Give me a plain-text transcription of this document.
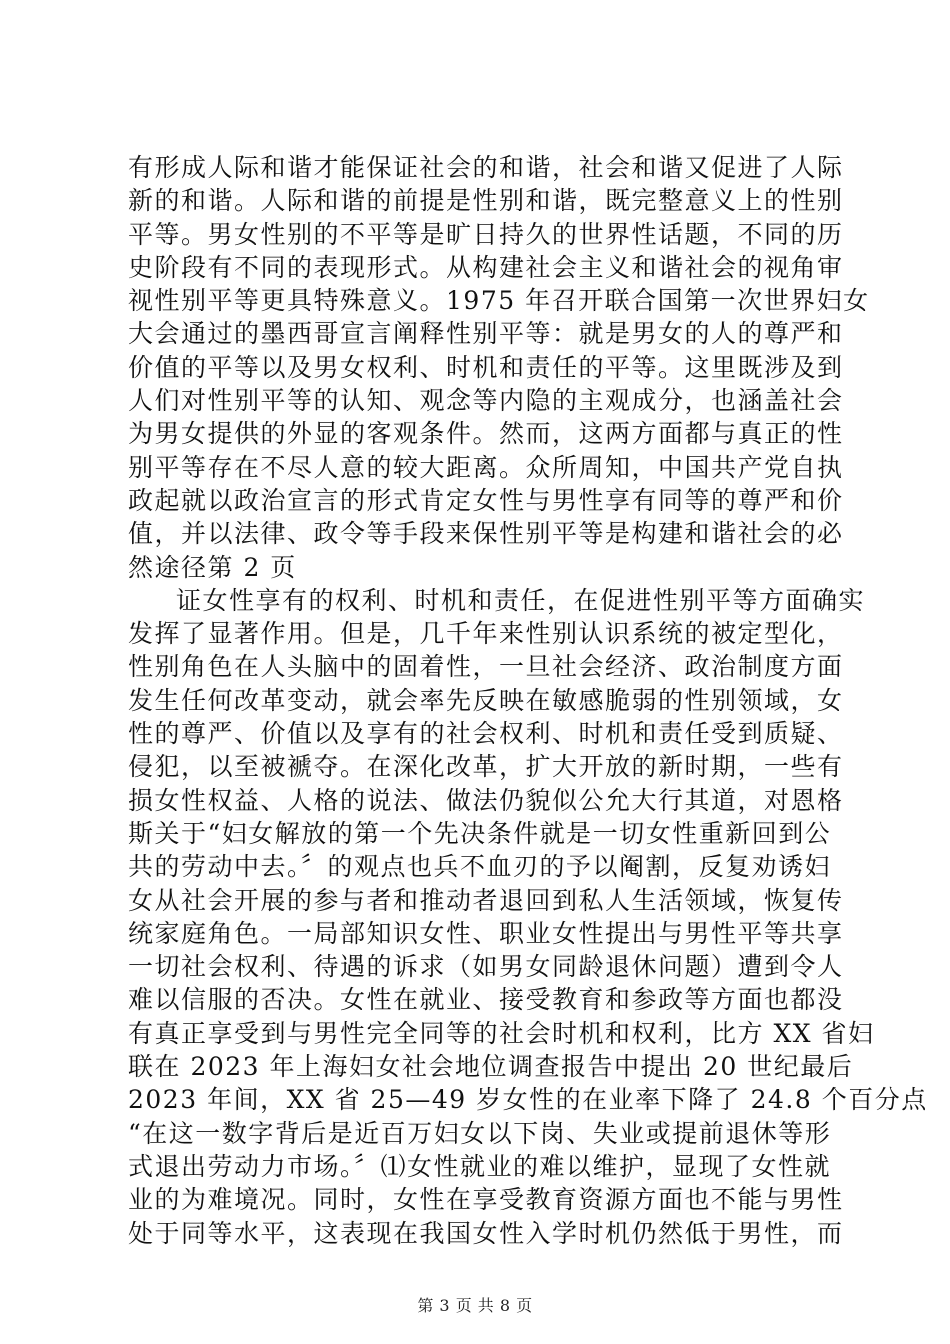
有形成人际和谐才能保证社会的和谐，社会和谐又促进了人际
新的和谐。人际和谐的前提是性别和谐，既完整意义上的性别
平等。男女性别的不平等是旷日持久的世界性话题，不同的历
史阶段有不同的表现形式。从构建社会主义和谐社会的视角审
视性别平等更具特殊意义。1975 年召开联合国第一次世界妇女
大会通过的墨西哥宣言阐释性别平等：就是男女的人的尊严和
价值的平等以及男女权利、时机和责任的平等。这里既涉及到
人们对性别平等的认知、观念等内隐的主观成分，也涵盖社会
为男女提供的外显的客观条件。然而，这两方面都与真正的性
别平等存在不尽人意的较大距离。众所周知，中国共产党自执
政起就以政治宣言的形式肯定女性与男性享有同等的尊严和价
值，并以法律、政令等手段来保性别平等是构建和谐社会的必
然途径第 2 页
证女性享有的权利、时机和责任，在促进性别平等方面确实
发挥了显著作用。但是，几千年来性别认识系统的被定型化，
性别角色在人头脑中的固着性，一旦社会经济、政治制度方面
发生任何改革变动，就会率先反映在敏感脆弱的性别领域，女
性的尊严、价值以及享有的社会权利、时机和责任受到质疑、
侵犯，以至被褫夺。在深化改革，扩大开放的新时期，一些有
损女性权益、人格的说法、做法仍貌似公允大行其道，对恩格
斯关于“妇女解放的第一个先决条件就是一切女性重新回到公
共的劳动中去。〞的观点也兵不血刃的予以阉割，反复劝诱妇
女从社会开展的参与者和推动者退回到私人生活领域，恢复传
统家庭角色。一局部知识女性、职业女性提出与男性平等共享
一切社会权利、待遇的诉求（如男女同龄退休问题）遭到令人
难以信服的否决。女性在就业、接受教育和参政等方面也都没
有真正享受到与男性完全同等的社会时机和权利，比方 XX 省妇
联在 2023 年上海妇女社会地位调查报告中提出 20 世纪最后
2023 年间，XX 省 25—49 岁女性的在业率下降了 24.8 个百分点
“在这一数字背后是近百万妇女以下岗、失业或提前退休等形
式退出劳动力市场。〞⑴女性就业的难以维护，显现了女性就
业的为难境况。同时，女性在享受教育资源方面也不能与男性
处于同等水平，这表现在我国女性入学时机仍然低于男性，而
第 3 页 共 8 页
